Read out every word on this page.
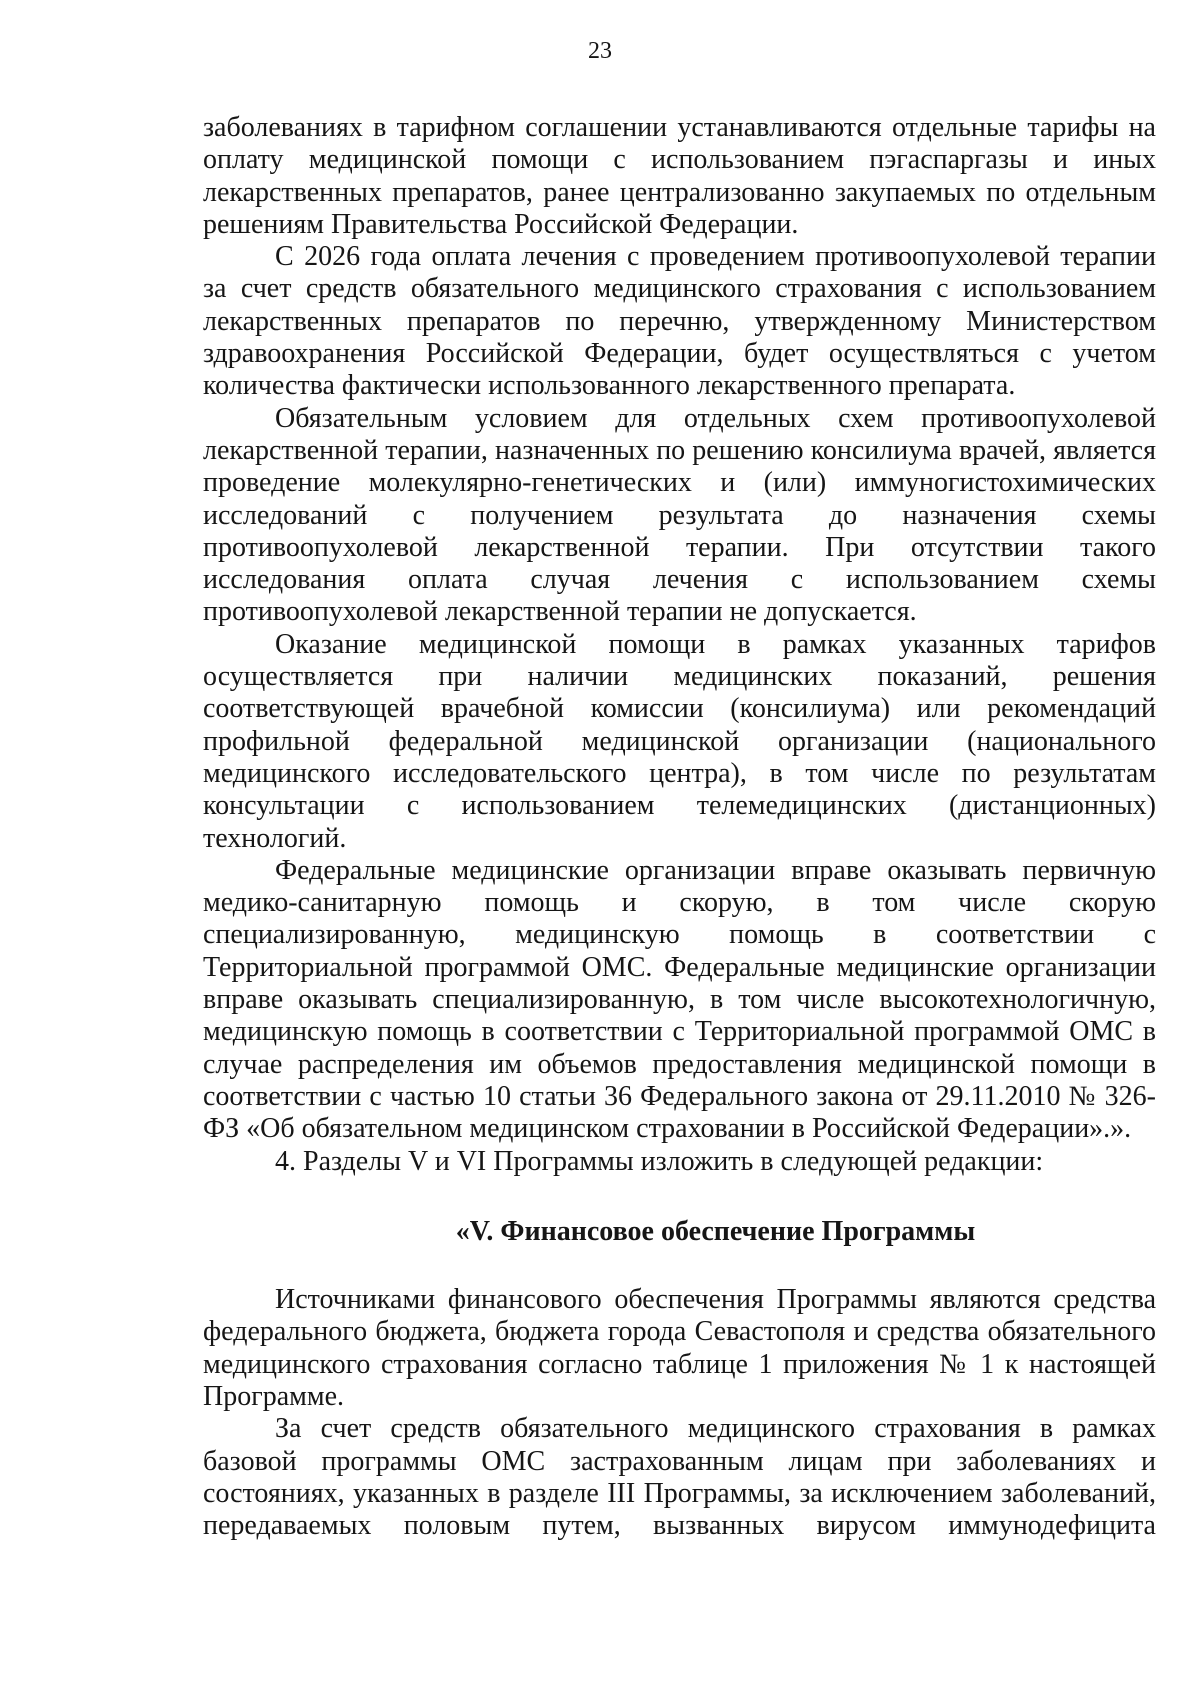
23

заболеваниях в тарифном соглашении устанавливаются отдельные тарифы на оплату медицинской помощи с использованием пэгаспаргазы и иных лекарственных препаратов, ранее централизованно закупаемых по отдельным решениям Правительства Российской Федерации.

С 2026 года оплата лечения с проведением противоопухолевой терапии за счет средств обязательного медицинского страхования с использованием лекарственных препаратов по перечню, утвержденному Министерством здравоохранения Российской Федерации, будет осуществляться с учетом количества фактически использованного лекарственного препарата.

Обязательным условием для отдельных схем противоопухолевой лекарственной терапии, назначенных по решению консилиума врачей, является проведение молекулярно-генетических и (или) иммуногистохимических исследований с получением результата до назначения схемы противоопухолевой лекарственной терапии. При отсутствии такого исследования оплата случая лечения с использованием схемы противоопухолевой лекарственной терапии не допускается.

Оказание медицинской помощи в рамках указанных тарифов осуществляется при наличии медицинских показаний, решения соответствующей врачебной комиссии (консилиума) или рекомендаций профильной федеральной медицинской организации (национального медицинского исследовательского центра), в том числе по результатам консультации с использованием телемедицинских (дистанционных) технологий.

Федеральные медицинские организации вправе оказывать первичную медико-санитарную помощь и скорую, в том числе скорую специализированную, медицинскую помощь в соответствии с Территориальной программой ОМС. Федеральные медицинские организации вправе оказывать специализированную, в том числе высокотехнологичную, медицинскую помощь в соответствии с Территориальной программой ОМС в случае распределения им объемов предоставления медицинской помощи в соответствии с частью 10 статьи 36 Федерального закона от 29.11.2010 № 326-ФЗ «Об обязательном медицинском страховании в Российской Федерации».».

4. Разделы V и VI Программы изложить в следующей редакции:

«V. Финансовое обеспечение Программы

Источниками финансового обеспечения Программы являются средства федерального бюджета, бюджета города Севастополя и средства обязательного медицинского страхования согласно таблице 1 приложения № 1 к настоящей Программе.

За счет средств обязательного медицинского страхования в рамках базовой программы ОМС застрахованным лицам при заболеваниях и состояниях, указанных в разделе III Программы, за исключением заболеваний, передаваемых половым путем, вызванных вирусом иммунодефицита
